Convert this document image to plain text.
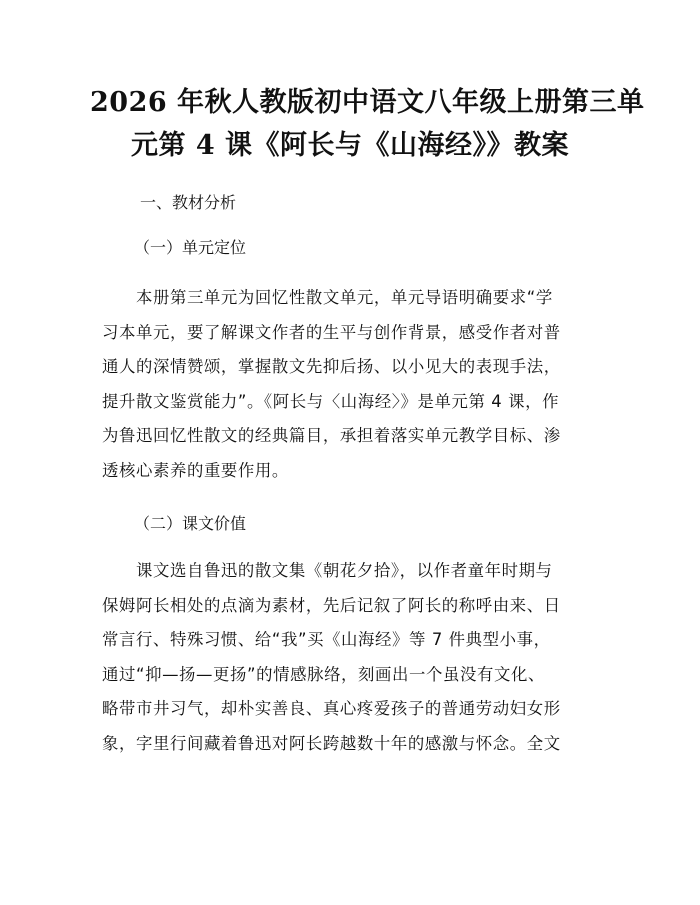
2026 年秋人教版初中语文八年级上册第三单
元第 4 课《阿长与《山海经》》教案
一、教材分析
（一）单元定位
　　本册第三单元为回忆性散文单元，单元导语明确要求“学
习本单元，要了解课文作者的生平与创作背景，感受作者对普
通人的深情赞颂，掌握散文先抑后扬、以小见大的表现手法，
提升散文鉴赏能力”。《阿长与〈山海经〉》是单元第 4 课，作
为鲁迅回忆性散文的经典篇目，承担着落实单元教学目标、渗
透核心素养的重要作用。
（二）课文价值
　　课文选自鲁迅的散文集《朝花夕拾》，以作者童年时期与
保姆阿长相处的点滴为素材，先后记叙了阿长的称呼由来、日
常言行、特殊习惯、给“我”买《山海经》等 7 件典型小事，
通过“抑—扬—更扬”的情感脉络，刻画出一个虽没有文化、
略带市井习气，却朴实善良、真心疼爱孩子的普通劳动妇女形
象，字里行间藏着鲁迅对阿长跨越数十年的感激与怀念。全文
